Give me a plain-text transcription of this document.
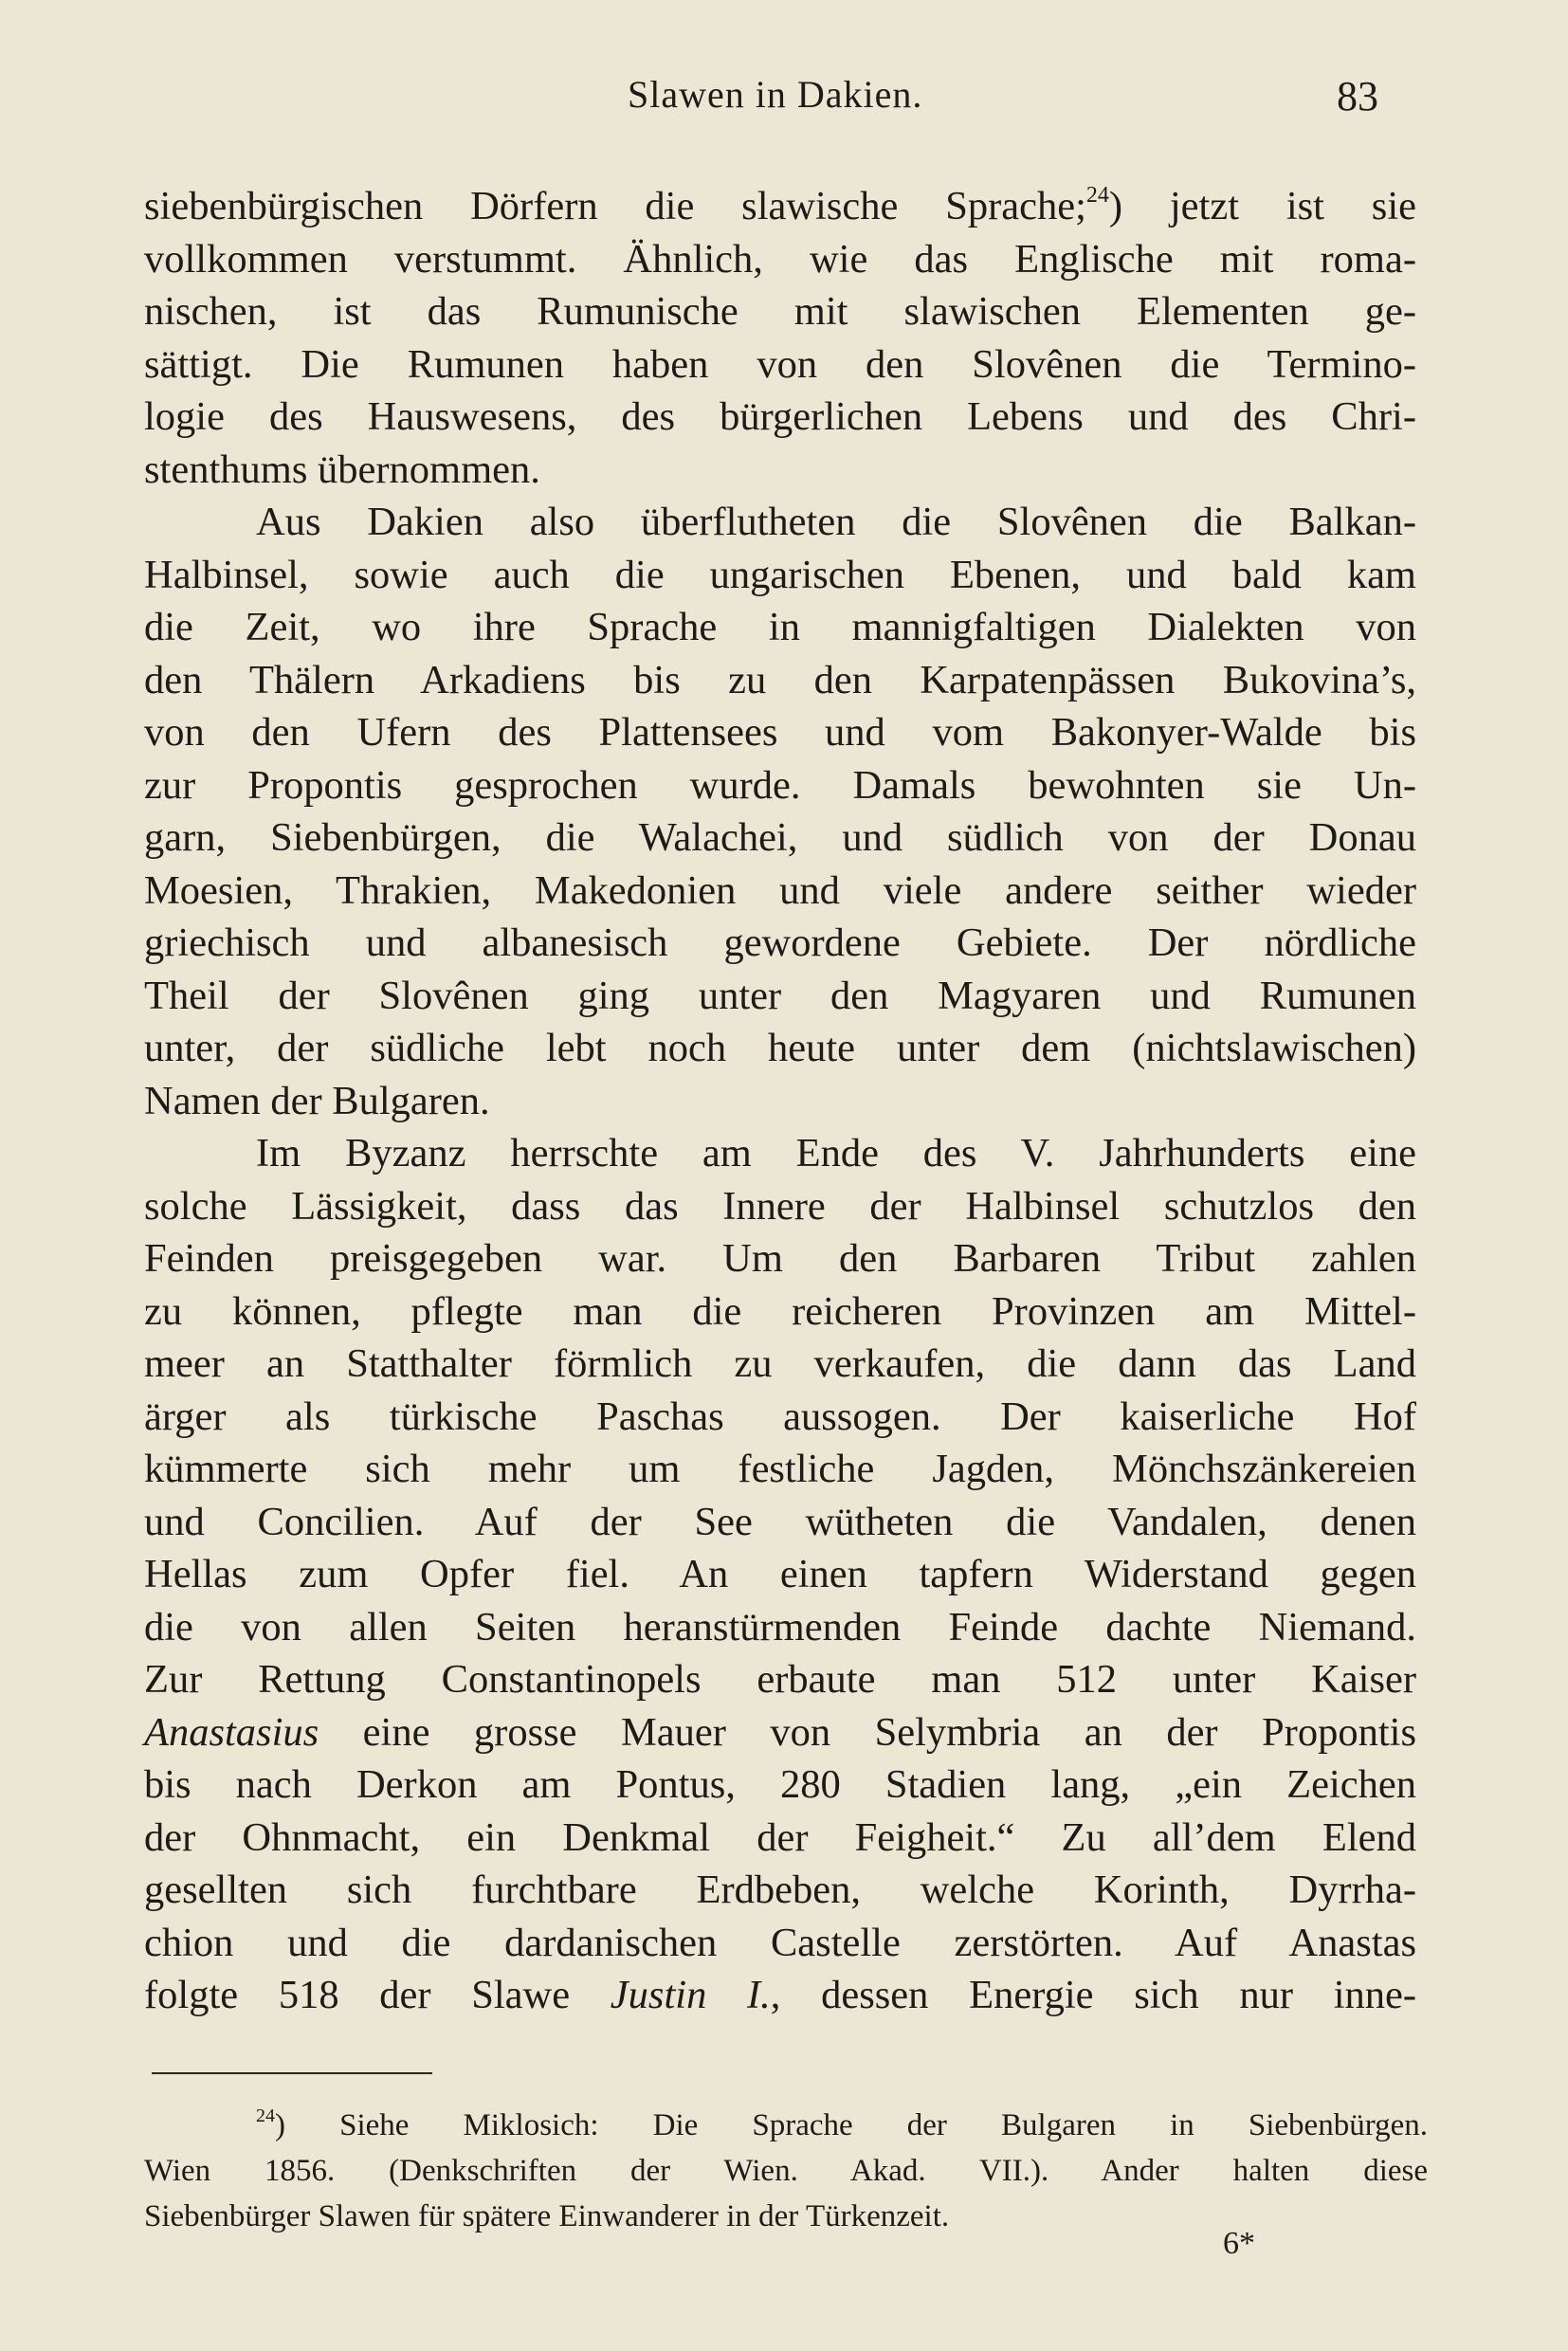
Slawen in Dakien.	83
siebenbürgischen Dörfern die slawische Sprache;$^{24}$) jetzt ist sie
vollkommen verstummt. Ähnlich, wie das Englische mit roma-
nischen, ist das Rumunische mit slawischen Elementen ge-
sättigt. Die Rumunen haben von den Slovênen die Termino-
logie des Hauswesens, des bürgerlichen Lebens und des Chri-
stenthums übernommen.
Aus Dakien also überflutheten die Slovênen die Balkan-
Halbinsel, sowie auch die ungarischen Ebenen, und bald kam
die Zeit, wo ihre Sprache in mannigfaltigen Dialekten von
den Thälern Arkadiens bis zu den Karpatenpässen Bukovina’s,
von den Ufern des Plattensees und vom Bakonyer-Walde bis
zur Propontis gesprochen wurde. Damals bewohnten sie Un-
garn, Siebenbürgen, die Walachei, und südlich von der Donau
Moesien, Thrakien, Makedonien und viele andere seither wieder
griechisch und albanesisch gewordene Gebiete. Der nördliche
Theil der Slovênen ging unter den Magyaren und Rumunen
unter, der südliche lebt noch heute unter dem (nichtslawischen)
Namen der Bulgaren.
Im Byzanz herrschte am Ende des V. Jahrhunderts eine
solche Lässigkeit, dass das Innere der Halbinsel schutzlos den
Feinden preisgegeben war. Um den Barbaren Tribut zahlen
zu können, pflegte man die reicheren Provinzen am Mittel-
meer an Statthalter förmlich zu verkaufen, die dann das Land
ärger als türkische Paschas aussogen. Der kaiserliche Hof
kümmerte sich mehr um festliche Jagden, Mönchszänkereien
und Concilien. Auf der See wütheten die Vandalen, denen
Hellas zum Opfer fiel. An einen tapfern Widerstand gegen
die von allen Seiten heranstürmenden Feinde dachte Niemand.
Zur Rettung Constantinopels erbaute man 512 unter Kaiser
Anastasius eine grosse Mauer von Selymbria an der Propontis
bis nach Derkon am Pontus, 280 Stadien lang, „ein Zeichen
der Ohnmacht, ein Denkmal der Feigheit.“ Zu all’dem Elend
gesellten sich furchtbare Erdbeben, welche Korinth, Dyrrha-
chion und die dardanischen Castelle zerstörten. Auf Anastas
folgte 518 der Slawe Justin I., dessen Energie sich nur inne-
$^{24}$) Siehe Miklosich: Die Sprache der Bulgaren in Siebenbürgen.
Wien 1856. (Denkschriften der Wien. Akad. VII.). Ander halten diese
Siebenbürger Slawen für spätere Einwanderer in der Türkenzeit.
6*
